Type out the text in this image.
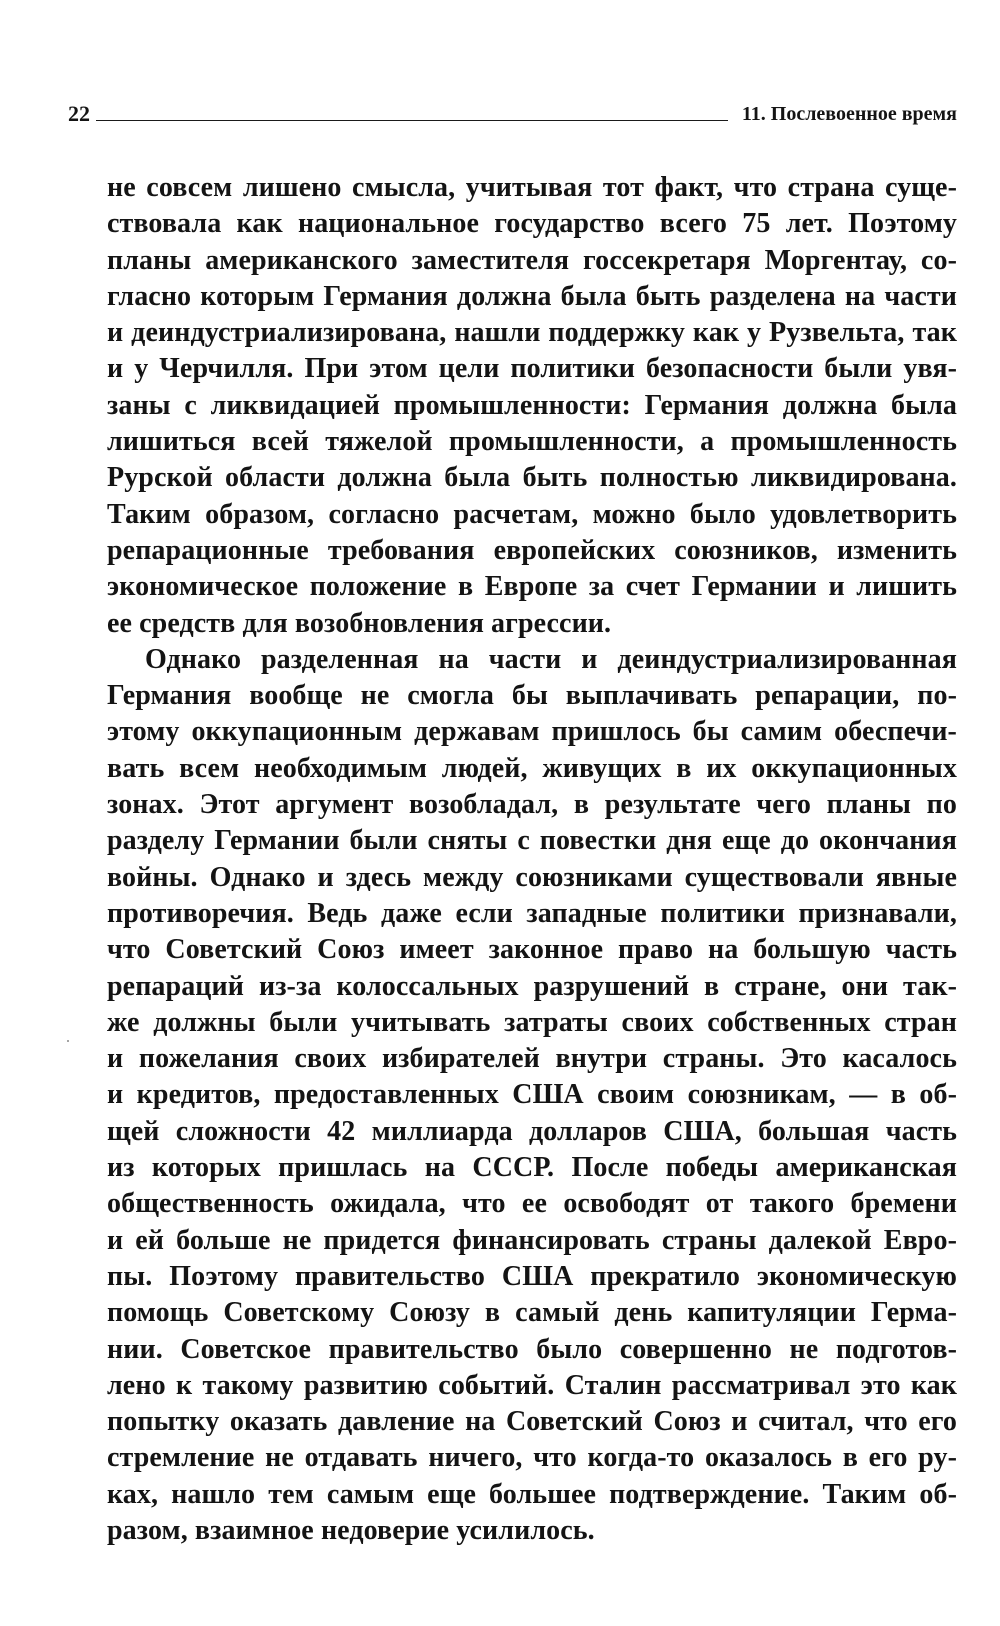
22	11. Послевоенное время
не совсем лишено смысла, учитывая тот факт, что страна суще-
ствовала как национальное государство всего 75 лет. Поэтому
планы американского заместителя госсекретаря Моргентау, со-
гласно которым Германия должна была быть разделена на части
и деиндустриализирована, нашли поддержку как у Рузвельта, так
и у Черчилля. При этом цели политики безопасности были увя-
заны с ликвидацией промышленности: Германия должна была
лишиться всей тяжелой промышленности, а промышленность
Рурской области должна была быть полностью ликвидирована.
Таким образом, согласно расчетам, можно было удовлетворить
репарационные требования европейских союзников, изменить
экономическое положение в Европе за счет Германии и лишить
ее средств для возобновления агрессии.
Однако разделенная на части и деиндустриализированная
Германия вообще не смогла бы выплачивать репарации, по-
этому оккупационным державам пришлось бы самим обеспечи-
вать всем необходимым людей, живущих в их оккупационных
зонах. Этот аргумент возобладал, в результате чего планы по
разделу Германии были сняты с повестки дня еще до окончания
войны. Однако и здесь между союзниками существовали явные
противоречия. Ведь даже если западные политики признавали,
что Советский Союз имеет законное право на большую часть
репараций из-за колоссальных разрушений в стране, они так-
же должны были учитывать затраты своих собственных стран
и пожелания своих избирателей внутри страны. Это касалось
и кредитов, предоставленных США своим союзникам, — в об-
щей сложности 42 миллиарда долларов США, большая часть
из которых пришлась на СССР. После победы американская
общественность ожидала, что ее освободят от такого бремени
и ей больше не придется финансировать страны далекой Евро-
пы. Поэтому правительство США прекратило экономическую
помощь Советскому Союзу в самый день капитуляции Герма-
нии. Советское правительство было совершенно не подготов-
лено к такому развитию событий. Сталин рассматривал это как
попытку оказать давление на Советский Союз и считал, что его
стремление не отдавать ничего, что когда-то оказалось в его ру-
ках, нашло тем самым еще большее подтверждение. Таким об-
разом, взаимное недоверие усилилось.
